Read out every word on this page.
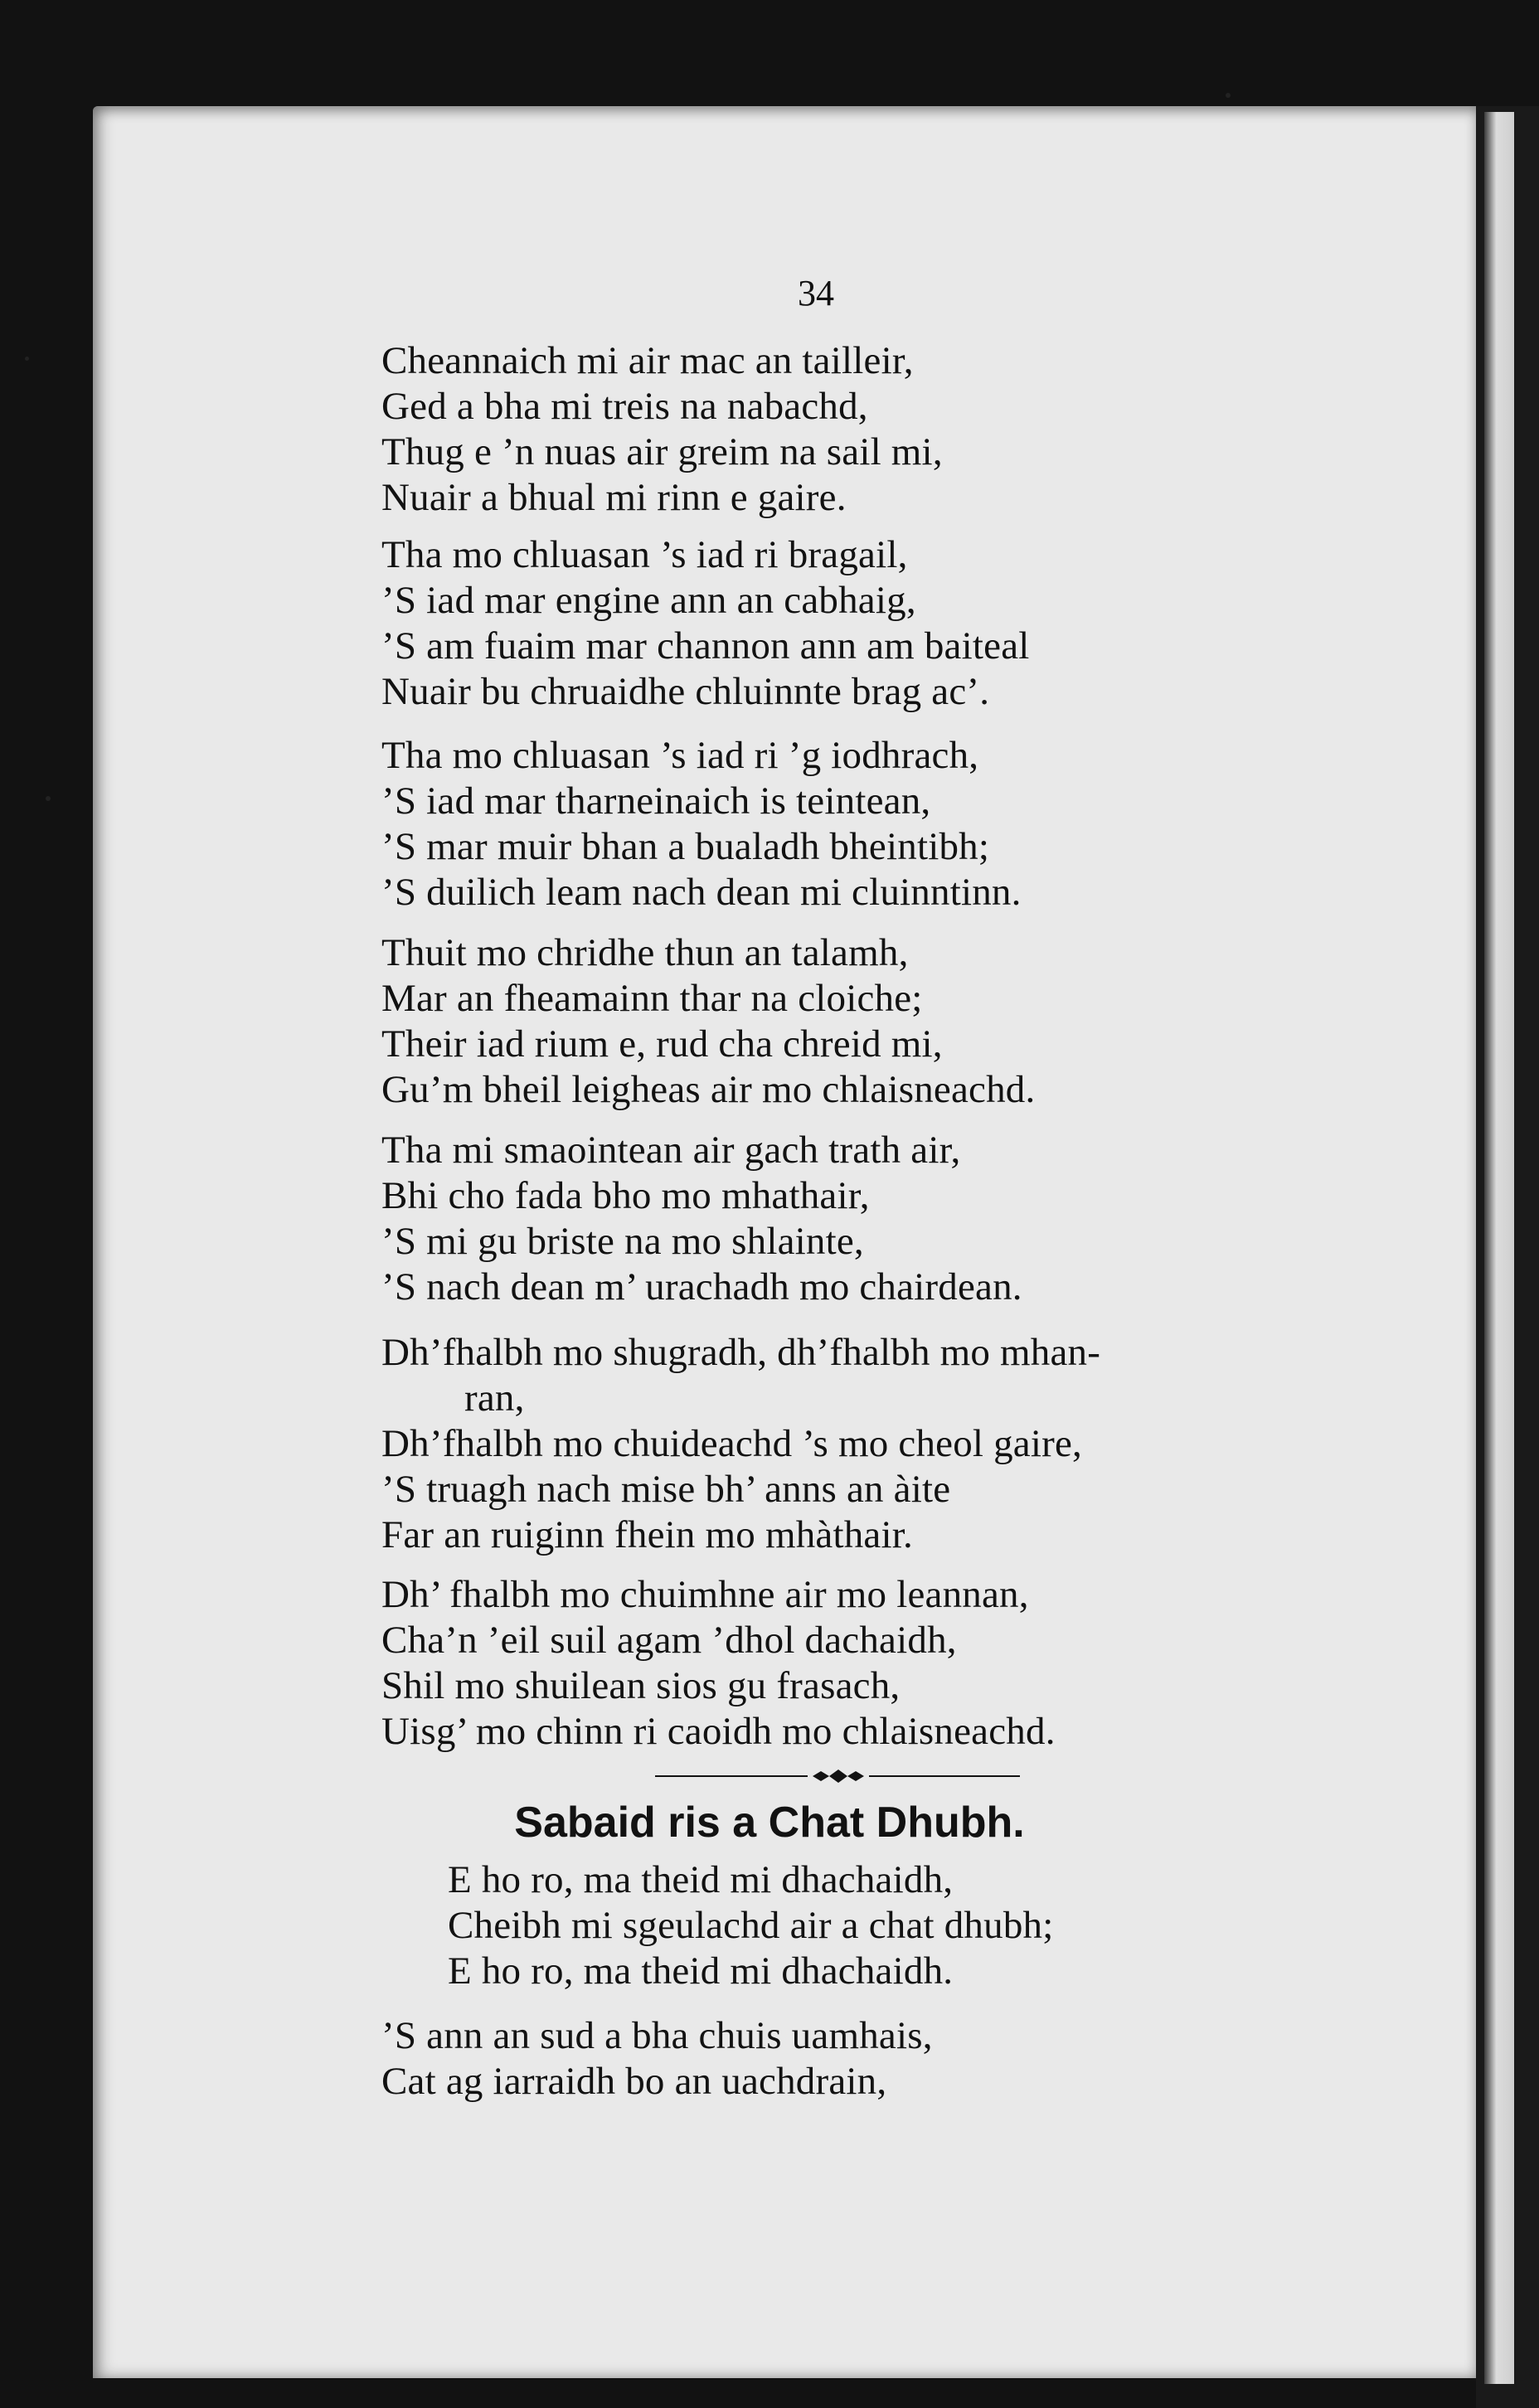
34

Cheannaich mi air mac an tailleir,
Ged a bha mi treis na nabachd,
Thug e ’n nuas air greim na sail mi,
Nuair a bhual mi rinn e gaire.
Tha mo chluasan ’s iad ri bragail,
’S iad mar engine ann an cabhaig,
’S am fuaim mar channon ann am baiteal
Nuair bu chruaidhe chluinnte brag ac’.
Tha mo chluasan ’s iad ri ’g iodhrach,
’S iad mar tharneinaich is teintean,
’S mar muir bhan a bualadh bheintibh;
’S duilich leam nach dean mi cluinntinn.
Thuit mo chridhe thun an talamh,
Mar an fheamainn thar na cloiche;
Their iad rium e, rud cha chreid mi,
Gu’m bheil leigheas air mo chlaisneachd.
Tha mi smaointean air gach trath air,
Bhi cho fada bho mo mhathair,
’S mi gu briste na mo shlainte,
’S nach dean m’ urachadh mo chairdean.
Dh’fhalbh mo shugradh, dh’fhalbh mo mhan-
ran,
Dh’fhalbh mo chuideachd ’s mo cheol gaire,
’S truagh nach mise bh’ anns an àite
Far an ruiginn fhein mo mhàthair.
Dh’ fhalbh mo chuimhne air mo leannan,
Cha’n ’eil suil agam ’dhol dachaidh,
Shil mo shuilean sios gu frasach,
Uisg’ mo chinn ri caoidh mo chlaisneachd.
Sabaid ris a Chat Dhubh.
E ho ro, ma theid mi dhachaidh,
Cheibh mi sgeulachd air a chat dhubh;
E ho ro, ma theid mi dhachaidh.
’S ann an sud a bha chuis uamhais,
Cat ag iarraidh bo an uachdrain,
